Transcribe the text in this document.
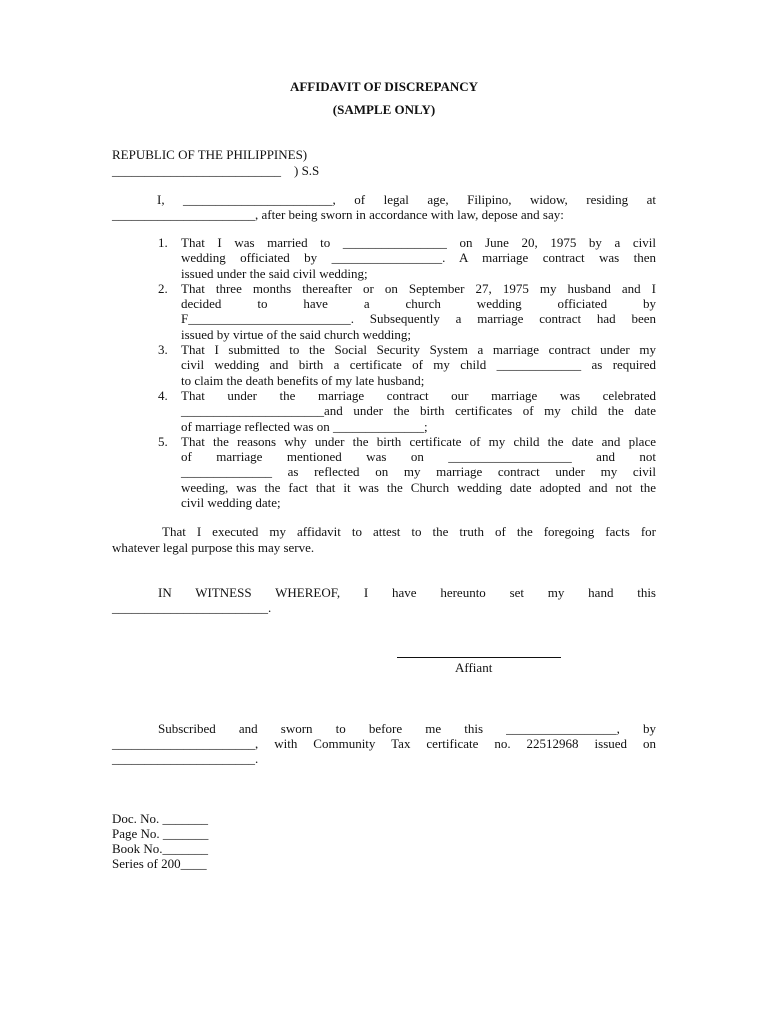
AFFIDAVIT OF DISCREPANCY
(SAMPLE ONLY)
REPUBLIC OF THE PHILIPPINES)
__________________________    ) S.S
I, _______________________, of legal age, Filipino, widow, residing at
______________________, after being sworn in accordance with law, depose and say:
1. That I was married to ________________ on June 20, 1975 by a civil
wedding officiated by _________________. A marriage contract was then
issued under the said civil wedding;
2. That three months thereafter or on September 27, 1975 my husband and I
decided to have a church wedding officiated by
F_________________________. Subsequently a marriage contract had been
issued by virtue of the said church wedding;
3. That I submitted to the Social Security System a marriage contract under my
civil wedding and birth a certificate of my child _____________ as required
to claim the death benefits of my late husband;
4. That under the marriage contract our marriage was celebrated
______________________and under the birth certificates of my child the date
of marriage reflected was on ______________;
5. That the reasons why under the birth certificate of my child the date and place
of marriage mentioned was on ___________________ and not
______________ as reflected on my marriage contract under my civil
weeding, was the fact that it was the Church wedding date adopted and not the
civil wedding date;
That I executed my affidavit to attest to the truth of the foregoing facts for
whatever legal purpose this may serve.
IN WITNESS WHEREOF, I have hereunto set my hand this
________________________.
Affiant
Subscribed and sworn to before me this _________________, by
______________________, with Community Tax certificate no. 22512968 issued on
______________________.
Doc. No. _______
Page No. _______
Book No._______
Series of 200____
